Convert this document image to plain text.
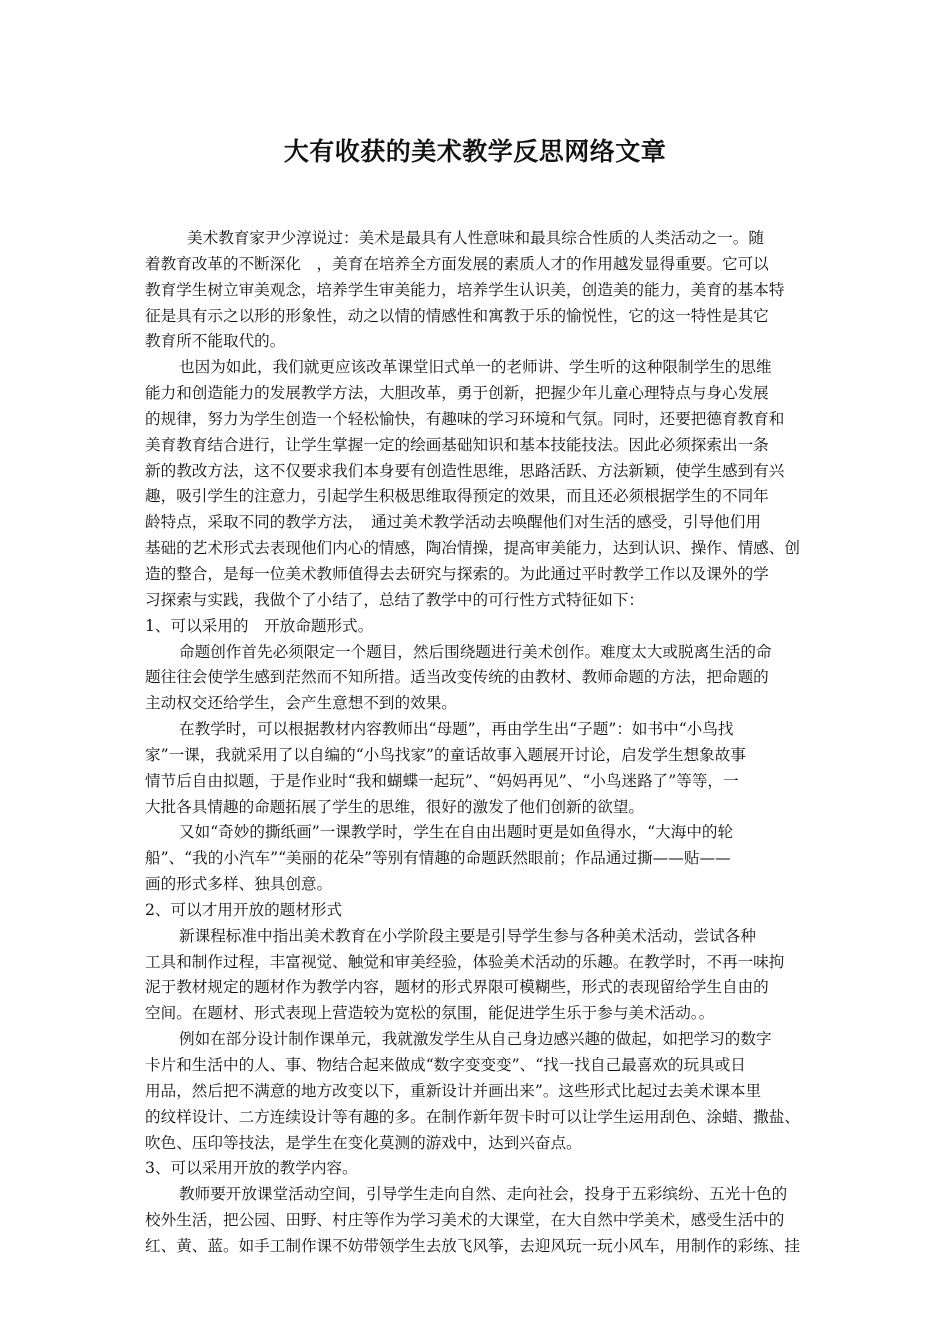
大有收获的美术教学反思网络文章
美术教育家尹少淳说过：美术是最具有人性意味和最具综合性质的人类活动之一。随
着教育改革的不断深化　，美育在培养全方面发展的素质人才的作用越发显得重要。它可以
教育学生树立审美观念，培养学生审美能力，培养学生认识美，创造美的能力，美育的基本特
征是具有示之以形的形象性，动之以情的情感性和寓教于乐的愉悦性，它的这一特性是其它
教育所不能取代的。
也因为如此，我们就更应该改革课堂旧式单一的老师讲、学生听的这种限制学生的思维
能力和创造能力的发展教学方法，大胆改革，勇于创新，把握少年儿童心理特点与身心发展
的规律，努力为学生创造一个轻松愉快，有趣味的学习环境和气氛。同时，还要把德育教育和
美育教育结合进行，让学生掌握一定的绘画基础知识和基本技能技法。因此必须探索出一条
新的教改方法，这不仅要求我们本身要有创造性思维，思路活跃、方法新颖，使学生感到有兴
趣，吸引学生的注意力，引起学生积极思维取得预定的效果，而且还必须根据学生的不同年
龄特点，采取不同的教学方法，　通过美术教学活动去唤醒他们对生活的感受，引导他们用
基础的艺术形式去表现他们内心的情感，陶冶情操，提高审美能力，达到认识、操作、情感、创
造的整合，是每一位美术教师值得去去研究与探索的。为此通过平时教学工作以及课外的学
习探索与实践，我做个了小结了，总结了教学中的可行性方式特征如下：
1、可以采用的　开放命题形式。
命题创作首先必须限定一个题目，然后围绕题进行美术创作。难度太大或脱离生活的命
题往往会使学生感到茫然而不知所措。适当改变传统的由教材、教师命题的方法，把命题的
主动权交还给学生，会产生意想不到的效果。
在教学时，可以根据教材内容教师出“母题”，再由学生出“子题”：如书中“小鸟找
家”一课，我就采用了以自编的“小鸟找家”的童话故事入题展开讨论，启发学生想象故事
情节后自由拟题，于是作业时“我和蝴蝶一起玩”、“妈妈再见”、“小鸟迷路了”等等，一
大批各具情趣的命题拓展了学生的思维，很好的激发了他们创新的欲望。
又如“奇妙的撕纸画”一课教学时，学生在自由出题时更是如鱼得水，“大海中的轮
船”、“我的小汽车”“美丽的花朵”等别有情趣的命题跃然眼前；作品通过撕——贴——
画的形式多样、独具创意。
2、可以才用开放的题材形式
新课程标准中指出美术教育在小学阶段主要是引导学生参与各种美术活动，尝试各种
工具和制作过程，丰富视觉、触觉和审美经验，体验美术活动的乐趣。在教学时，不再一味拘
泥于教材规定的题材作为教学内容，题材的形式界限可模糊些，形式的表现留给学生自由的
空间。在题材、形式表现上营造较为宽松的氛围，能促进学生乐于参与美术活动。。
例如在部分设计制作课单元，我就激发学生从自己身边感兴趣的做起，如把学习的数字
卡片和生活中的人、事、物结合起来做成“数字变变变”、“找一找自己最喜欢的玩具或日
用品，然后把不满意的地方改变以下，重新设计并画出来”。这些形式比起过去美术课本里
的纹样设计、二方连续设计等有趣的多。在制作新年贺卡时可以让学生运用刮色、涂蜡、撒盐、
吹色、压印等技法，是学生在变化莫测的游戏中，达到兴奋点。
3、可以采用开放的教学内容。
教师要开放课堂活动空间，引导学生走向自然、走向社会，投身于五彩缤纷、五光十色的
校外生活，把公园、田野、村庄等作为学习美术的大课堂，在大自然中学美术，感受生活中的
红、黄、蓝。如手工制作课不妨带领学生去放飞风筝，去迎风玩一玩小风车，用制作的彩练、挂
